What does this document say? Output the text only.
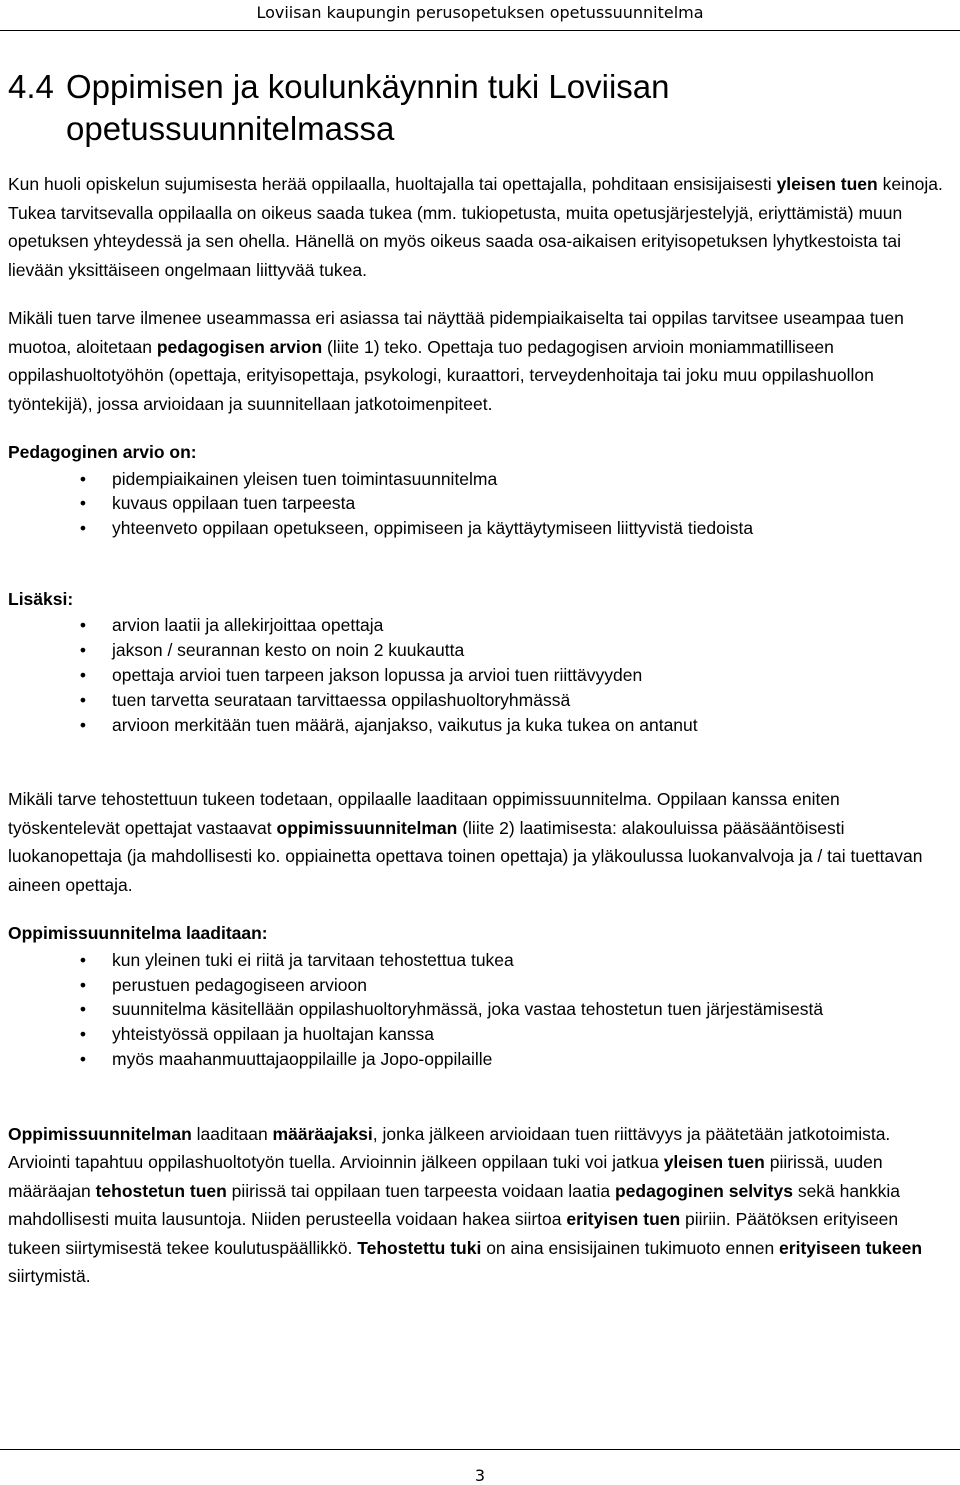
Loviisan kaupungin perusopetuksen opetussuunnitelma
4.4 Oppimisen ja koulunkäynnin tuki Loviisan opetussuunnitelmassa

Kun huoli opiskelun sujumisesta herää oppilaalla, huoltajalla tai opettajalla, pohditaan ensisijaisesti yleisen tuen keinoja. Tukea tarvitsevalla oppilaalla on oikeus saada tukea (mm. tukiopetusta, muita opetusjärjestelyjä, eriyttämistä) muun opetuksen yhteydessä ja sen ohella. Hänellä on myös oikeus saada osa-aikaisen erityisopetuksen lyhytkestoista tai lievään yksittäiseen ongelmaan liittyvää tukea.

Mikäli tuen tarve ilmenee useammassa eri asiassa tai näyttää pidempiaikaiselta tai oppilas tarvitsee useampaa tuen muotoa, aloitetaan pedagogisen arvion (liite 1) teko. Opettaja tuo pedagogisen arvioin moniammatilliseen oppilashuoltotyöhön (opettaja, erityisopettaja, psykologi, kuraattori, terveydenhoitaja tai joku muu oppilashuollon työntekijä), jossa arvioidaan ja suunnitellaan jatkotoimenpiteet.

Pedagoginen arvio on:
• pidempiaikainen yleisen tuen toimintasuunnitelma
• kuvaus oppilaan tuen tarpeesta
• yhteenveto oppilaan opetukseen, oppimiseen ja käyttäytymiseen liittyvistä tiedoista
Lisäksi:
• arvion laatii ja allekirjoittaa opettaja
• jakson / seurannan kesto on noin 2 kuukautta
• opettaja arvioi tuen tarpeen jakson lopussa ja arvioi tuen riittävyyden
• tuen tarvetta seurataan tarvittaessa oppilashuoltoryhmässä
• arvioon merkitään tuen määrä, ajanjakso, vaikutus ja kuka tukea on antanut

Mikäli tarve tehostettuun tukeen todetaan, oppilaalle laaditaan oppimissuunnitelma. Oppilaan kanssa eniten työskentelevät opettajat vastaavat oppimissuunnitelman (liite 2) laatimisesta: alakouluissa pääsääntöisesti luokanopettaja (ja mahdollisesti ko. oppiainetta opettava toinen opettaja) ja yläkoulussa luokanvalvoja ja / tai tuettavan aineen opettaja.

Oppimissuunnitelma laaditaan:
• kun yleinen tuki ei riitä ja tarvitaan tehostettua tukea
• perustuen pedagogiseen arvioon
• suunnitelma käsitellään oppilashuoltoryhmässä, joka vastaa tehostetun tuen järjestämisestä
• yhteistyössä oppilaan ja huoltajan kanssa
• myös maahanmuuttajaoppilaille ja Jopo-oppilaille

Oppimissuunnitelman laaditaan määräajaksi, jonka jälkeen arvioidaan tuen riittävyys ja päätetään jatkotoimista. Arviointi tapahtuu oppilashuoltotyön tuella. Arvioinnin jälkeen oppilaan tuki voi jatkua yleisen tuen piirissä, uuden määräajan tehostetun tuen piirissä tai oppilaan tuen tarpeesta voidaan laatia pedagoginen selvitys sekä hankkia mahdollisesti muita lausuntoja. Niiden perusteella voidaan hakea siirtoa erityisen tuen piiriin. Päätöksen erityiseen tukeen siirtymisestä tekee koulutuspäällikkö. Tehostettu tuki on aina ensisijainen tukimuoto ennen erityiseen tukeen siirtymistä.

3
